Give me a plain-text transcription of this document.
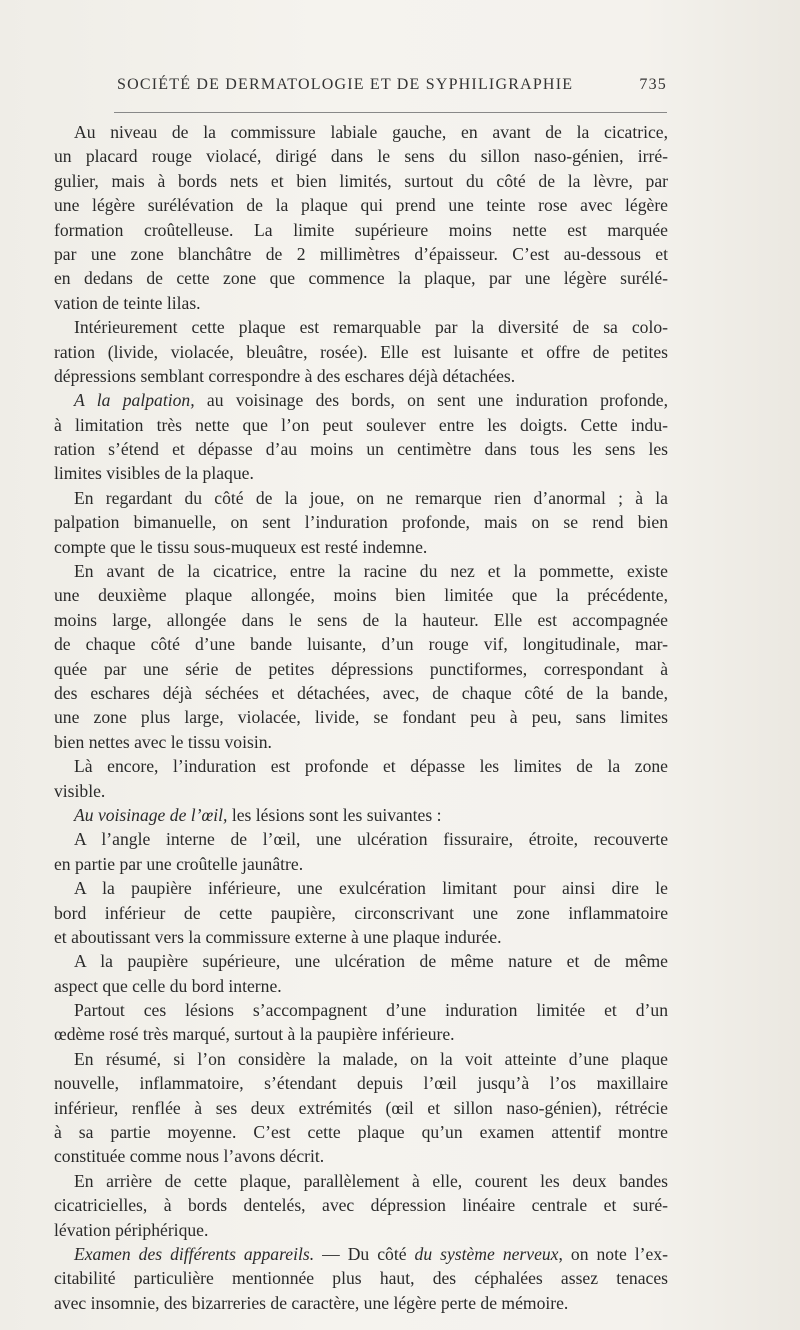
SOCIÉTÉ DE DERMATOLOGIE ET DE SYPHILIGRAPHIE	735
Au niveau de la commissure labiale gauche, en avant de la cicatrice,
un placard rouge violacé, dirigé dans le sens du sillon naso-génien, irré-
gulier, mais à bords nets et bien limités, surtout du côté de la lèvre, par
une légère surélévation de la plaque qui prend une teinte rose avec légère
formation croûtelleuse. La limite supérieure moins nette est marquée
par une zone blanchâtre de 2 millimètres d’épaisseur. C’est au-dessous et
en dedans de cette zone que commence la plaque, par une légère surélé-
vation de teinte lilas.
Intérieurement cette plaque est remarquable par la diversité de sa colo-
ration (livide, violacée, bleuâtre, rosée). Elle est luisante et offre de petites
dépressions semblant correspondre à des eschares déjà détachées.
A la palpation, au voisinage des bords, on sent une induration profonde,
à limitation très nette que l’on peut soulever entre les doigts. Cette indu-
ration s’étend et dépasse d’au moins un centimètre dans tous les sens les
limites visibles de la plaque.
En regardant du côté de la joue, on ne remarque rien d’anormal ; à la
palpation bimanuelle, on sent l’induration profonde, mais on se rend bien
compte que le tissu sous-muqueux est resté indemne.
En avant de la cicatrice, entre la racine du nez et la pommette, existe
une deuxième plaque allongée, moins bien limitée que la précédente,
moins large, allongée dans le sens de la hauteur. Elle est accompagnée
de chaque côté d’une bande luisante, d’un rouge vif, longitudinale, mar-
quée par une série de petites dépressions punctiformes, correspondant à
des eschares déjà séchées et détachées, avec, de chaque côté de la bande,
une zone plus large, violacée, livide, se fondant peu à peu, sans limites
bien nettes avec le tissu voisin.
Là encore, l’induration est profonde et dépasse les limites de la zone
visible.
Au voisinage de l’œil, les lésions sont les suivantes :
A l’angle interne de l’œil, une ulcération fissuraire, étroite, recouverte
en partie par une croûtelle jaunâtre.
A la paupière inférieure, une exulcération limitant pour ainsi dire le
bord inférieur de cette paupière, circonscrivant une zone inflammatoire
et aboutissant vers la commissure externe à une plaque indurée.
A la paupière supérieure, une ulcération de même nature et de même
aspect que celle du bord interne.
Partout ces lésions s’accompagnent d’une induration limitée et d’un
œdème rosé très marqué, surtout à la paupière inférieure.
En résumé, si l’on considère la malade, on la voit atteinte d’une plaque
nouvelle, inflammatoire, s’étendant depuis l’œil jusqu’à l’os maxillaire
inférieur, renflée à ses deux extrémités (œil et sillon naso-génien), rétrécie
à sa partie moyenne. C’est cette plaque qu’un examen attentif montre
constituée comme nous l’avons décrit.
En arrière de cette plaque, parallèlement à elle, courent les deux bandes
cicatricielles, à bords dentelés, avec dépression linéaire centrale et suré-
lévation périphérique.
Examen des différents appareils. — Du côté du système nerveux, on note l’ex-
citabilité particulière mentionnée plus haut, des céphalées assez tenaces
avec insomnie, des bizarreries de caractère, une légère perte de mémoire.
